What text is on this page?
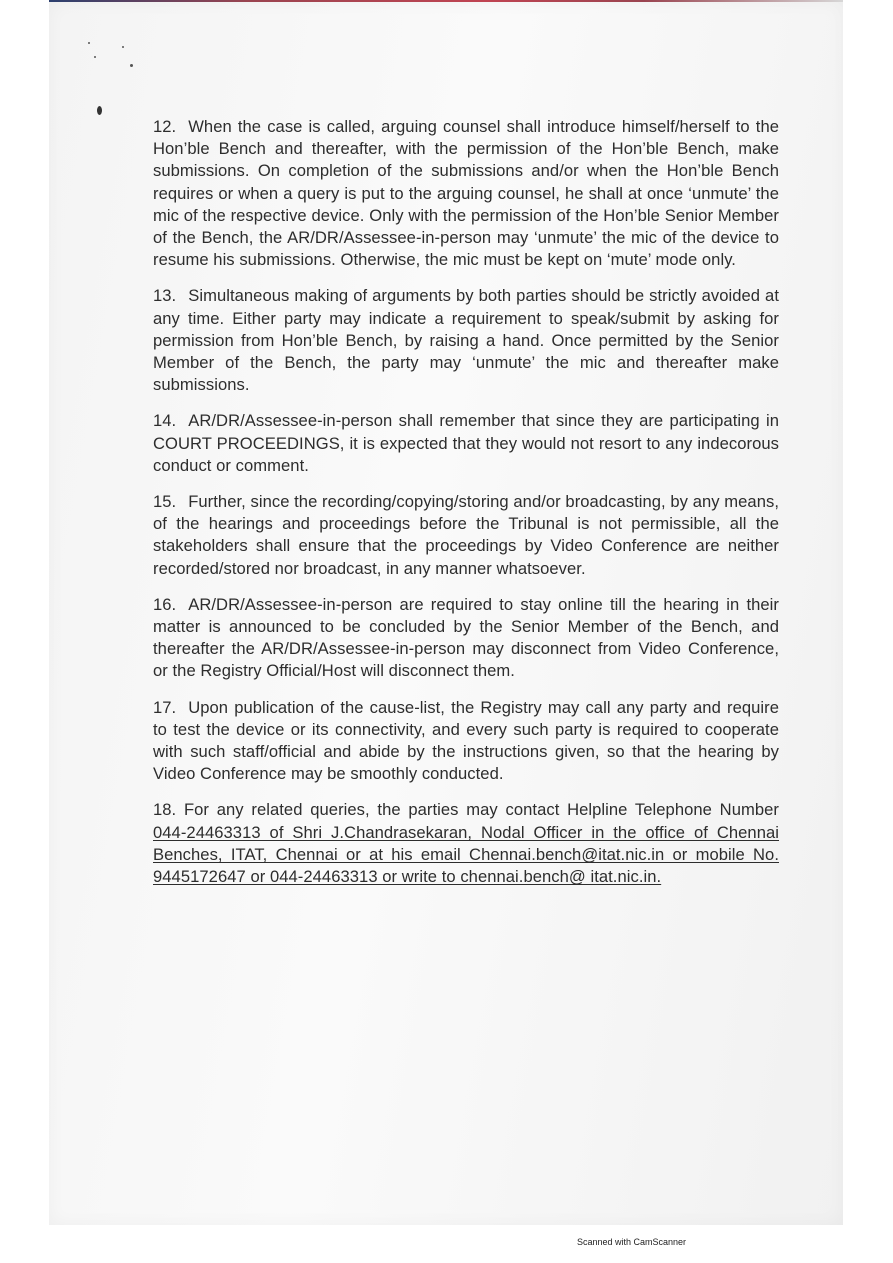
12. When the case is called, arguing counsel shall introduce himself/herself to the Hon’ble Bench and thereafter, with the permission of the Hon’ble Bench, make submissions. On completion of the submissions and/or when the Hon’ble Bench requires or when a query is put to the arguing counsel, he shall at once ‘unmute’ the mic of the respective device. Only with the permission of the Hon’ble Senior Member of the Bench, the AR/DR/Assessee-in-person may ‘unmute’ the mic of the device to resume his submissions. Otherwise, the mic must be kept on ‘mute’ mode only.

13. Simultaneous making of arguments by both parties should be strictly avoided at any time. Either party may indicate a requirement to speak/submit by asking for permission from Hon’ble Bench, by raising a hand. Once permitted by the Senior Member of the Bench, the party may ‘unmute’ the mic and thereafter make submissions.

14. AR/DR/Assessee-in-person shall remember that since they are participating in COURT PROCEEDINGS, it is expected that they would not resort to any indecorous conduct or comment.

15. Further, since the recording/copying/storing and/or broadcasting, by any means, of the hearings and proceedings before the Tribunal is not permissible, all the stakeholders shall ensure that the proceedings by Video Conference are neither recorded/stored nor broadcast, in any manner whatsoever.

16. AR/DR/Assessee-in-person are required to stay online till the hearing in their matter is announced to be concluded by the Senior Member of the Bench, and thereafter the AR/DR/Assessee-in-person may disconnect from Video Conference, or the Registry Official/Host will disconnect them.

17. Upon publication of the cause-list, the Registry may call any party and require to test the device or its connectivity, and every such party is required to cooperate with such staff/official and abide by the instructions given, so that the hearing by Video Conference may be smoothly conducted.

18. For any related queries, the parties may contact Helpline Telephone Number 044-24463313 of Shri J.Chandrasekaran, Nodal Officer in the office of Chennai Benches, ITAT, Chennai or at his email Chennai.bench@itat.nic.in or mobile No. 9445172647 or 044-24463313 or write to chennai.bench@ itat.nic.in.

Scanned with CamScanner
